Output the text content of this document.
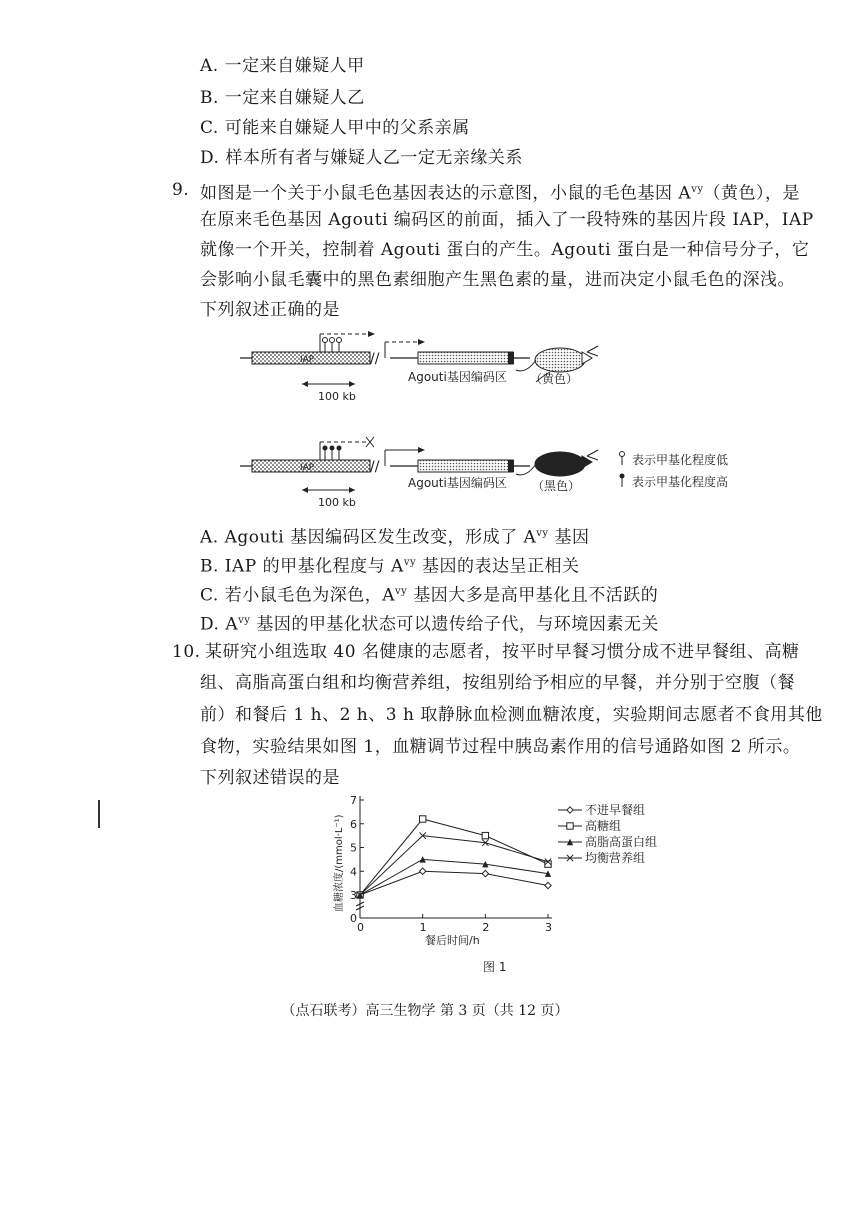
A. 一定来自嫌疑人甲
B. 一定来自嫌疑人乙
C. 可能来自嫌疑人甲中的父系亲属
D. 样本所有者与嫌疑人乙一定无亲缘关系
9. 如图是一个关于小鼠毛色基因表达的示意图，小鼠的毛色基因 $A^{vy}$（黄色），是
在原来毛色基因 Agouti 编码区的前面，插入了一段特殊的基因片段 IAP，IAP
就像一个开关，控制着 Agouti 蛋白的产生。Agouti 蛋白是一种信号分子，它
会影响小鼠毛囊中的黑色素细胞产生黑色素的量，进而决定小鼠毛色的深浅。
下列叙述正确的是
IAP	//
Agouti基因编码区
100 kb
（黄色）
IAP	//
Agouti基因编码区
100 kb
（黑色）
表示甲基化程度低
表示甲基化程度高
A. Agouti 基因编码区发生改变，形成了 $A^{vy}$ 基因
B. IAP 的甲基化程度与 $A^{vy}$ 基因的表达呈正相关
C. 若小鼠毛色为深色，$A^{vy}$ 基因大多是高甲基化且不活跃的
D. $A^{vy}$ 基因的甲基化状态可以遗传给子代，与环境因素无关
10. 某研究小组选取 40 名健康的志愿者，按平时早餐习惯分成不进早餐组、高糖
组、高脂高蛋白组和均衡营养组，按组别给予相应的早餐，并分别于空腹（餐
前）和餐后 1 h、2 h、3 h 取静脉血检测血糖浓度，实验期间志愿者不食用其他
食物，实验结果如图 1，血糖调节过程中胰岛素作用的信号通路如图 2 所示。
下列叙述错误的是
0
3
4
5
6
7
0	1	2	3
不进早餐组
高糖组
高脂高蛋白组
均衡营养组
餐后时间/h
血糖浓度/(mmol·L⁻¹)
图 1
（点石联考）高三生物学 第 3 页（共 12 页）
